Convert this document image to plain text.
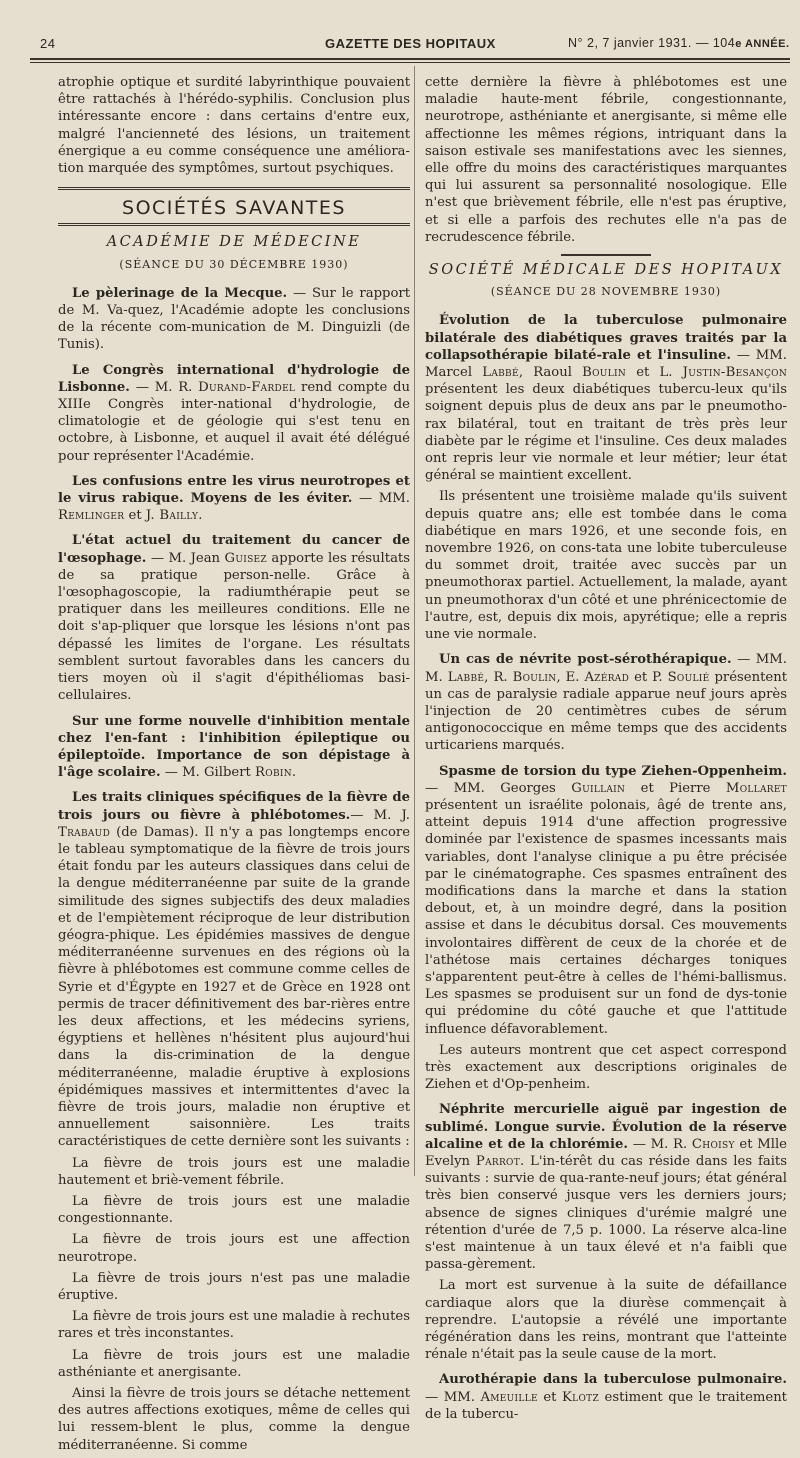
24	GAZETTE DES HOPITAUX	N° 2, 7 janvier 1931. — 104e ANNÉE.

atrophie optique et surdité labyrinthique pouvaient être rattachés à l'hérédo-syphilis. Conclusion plus intéressante encore : dans certains d'entre eux, malgré l'ancienneté des lésions, un traitement énergique a eu comme conséquence une améliora-tion marquée des symptômes, surtout psychiques.

SOCIÉTÉS SAVANTES
ACADÉMIE DE MÉDECINE
(SÉANCE DU 30 DÉCEMBRE 1930)

Le pèlerinage de la Mecque. — Sur le rapport de M. Va-quez, l'Académie adopte les conclusions de la récente com-munication de M. Dinguizli (de Tunis).

Le Congrès international d'hydrologie de Lisbonne. — M. R. Durand-Fardel rend compte du XIIIe Congrès inter-national d'hydrologie, de climatologie et de géologie qui s'est tenu en octobre, à Lisbonne, et auquel il avait été délégué pour représenter l'Académie.

Les confusions entre les virus neurotropes et le virus rabique. Moyens de les éviter. — MM. Remlinger et J. Bailly.

L'état actuel du traitement du cancer de l'œsophage. — M. Jean Guisez apporte les résultats de sa pratique person-nelle. Grâce à l'œsophagoscopie, la radiumthérapie peut se pratiquer dans les meilleures conditions. Elle ne doit s'ap-pliquer que lorsque les lésions n'ont pas dépassé les limites de l'organe. Les résultats semblent surtout favorables dans les cancers du tiers moyen où il s'agit d'épithéliomas basi-cellulaires.

Sur une forme nouvelle d'inhibition mentale chez l'en-fant : l'inhibition épileptique ou épileptoïde. Importance de son dépistage à l'âge scolaire. — M. Gilbert Robin.

Les traits cliniques spécifiques de la fièvre de trois jours ou fièvre à phlébotomes.— M. J. Trabaud (de Damas). Il n'y a pas longtemps encore le tableau symptomatique de la fièvre de trois jours était fondu par les auteurs classiques dans celui de la dengue méditerranéenne par suite de la grande similitude des signes subjectifs des deux maladies et de l'empiètement réciproque de leur distribution géogra-phique. Les épidémies massives de dengue méditerranéenne survenues en des régions où la fièvre à phlébotomes est commune comme celles de Syrie et d'Égypte en 1927 et de Grèce en 1928 ont permis de tracer définitivement des bar-rières entre les deux affections, et les médecins syriens, égyptiens et hellènes n'hésitent plus aujourd'hui dans la dis-crimination de la dengue méditerranéenne, maladie éruptive à explosions épidémiques massives et intermittentes d'avec la fièvre de trois jours, maladie non éruptive et annuellement saisonnière. Les traits caractéristiques de cette dernière sont les suivants :

La fièvre de trois jours est une maladie hautement et briè-vement fébrile.

La fièvre de trois jours est une maladie congestionnante.

La fièvre de trois jours est une affection neurotrope.

La fièvre de trois jours n'est pas une maladie éruptive.

La fièvre de trois jours est une maladie à rechutes rares et très inconstantes.

La fièvre de trois jours est une maladie asthéniante et anergisante.

Ainsi la fièvre de trois jours se détache nettement des autres affections exotiques, même de celles qui lui ressem-blent le plus, comme la dengue méditerranéenne. Si comme

cette dernière la fièvre à phlébotomes est une maladie haute-ment fébrile, congestionnante, neurotrope, asthéniante et anergisante, si même elle affectionne les mêmes régions, intriquant dans la saison estivale ses manifestations avec les siennes, elle offre du moins des caractéristiques marquantes qui lui assurent sa personnalité nosologique. Elle n'est que brièvement fébrile, elle n'est pas éruptive, et si elle a parfois des rechutes elle n'a pas de recrudescence fébrile.

SOCIÉTÉ MÉDICALE DES HOPITAUX
(SÉANCE DU 28 NOVEMBRE 1930)

Évolution de la tuberculose pulmonaire bilatérale des diabétiques graves traités par la collapsothérapie bilaté-rale et l'insuline. — MM. Marcel Labbé, Raoul Boulin et L. Justin-Besançon présentent les deux diabétiques tubercu-leux qu'ils soignent depuis plus de deux ans par le pneumotho-rax bilatéral, tout en traitant de très près leur diabète par le régime et l'insuline. Ces deux malades ont repris leur vie normale et leur métier; leur état général se maintient excellent.

Ils présentent une troisième malade qu'ils suivent depuis quatre ans; elle est tombée dans le coma diabétique en mars 1926, et une seconde fois, en novembre 1926, on cons-tata une lobite tuberculeuse du sommet droit, traitée avec succès par un pneumothorax partiel. Actuellement, la malade, ayant un pneumothorax d'un côté et une phrénicectomie de l'autre, est, depuis dix mois, apyrétique; elle a repris une vie normale.

Un cas de névrite post-sérothérapique. — MM. M. Labbé, R. Boulin, E. Azérad et P. Soulié présentent un cas de paralysie radiale apparue neuf jours après l'injection de 20 centimètres cubes de sérum antigonococcique en même temps que des accidents urticariens marqués.

Spasme de torsion du type Ziehen-Oppenheim. — MM. Georges Guillain et Pierre Mollaret présentent un israélite polonais, âgé de trente ans, atteint depuis 1914 d'une affection progressive dominée par l'existence de spasmes incessants mais variables, dont l'analyse clinique a pu être précisée par le cinématographe. Ces spasmes entraînent des modifications dans la marche et dans la station debout, et, à un moindre degré, dans la position assise et dans le décubitus dorsal. Ces mouvements involontaires diffèrent de ceux de la chorée et de l'athétose mais certaines décharges toniques s'apparentent peut-être à celles de l'hémi-ballismus. Les spasmes se produisent sur un fond de dys-tonie qui prédomine du côté gauche et que l'attitude influence défavorablement.

Les auteurs montrent que cet aspect correspond très exactement aux descriptions originales de Ziehen et d'Op-penheim.

Néphrite mercurielle aiguë par ingestion de sublimé. Longue survie. Évolution de la réserve alcaline et de la chlorémie. — M. R. Choisy et Mlle Evelyn Parrot. L'in-térêt du cas réside dans les faits suivants : survie de qua-rante-neuf jours; état général très bien conservé jusque vers les derniers jours; absence de signes cliniques d'urémie malgré une rétention d'urée de 7,5 p. 1000. La réserve alca-line s'est maintenue à un taux élevé et n'a faibli que passa-gèrement.

La mort est survenue à la suite de défaillance cardiaque alors que la diurèse commençait à reprendre. L'autopsie a révélé une importante régénération dans les reins, montrant que l'atteinte rénale n'était pas la seule cause de la mort.

Aurothérapie dans la tuberculose pulmonaire. — MM. Ameuille et Klotz estiment que le traitement de la tubercu-
